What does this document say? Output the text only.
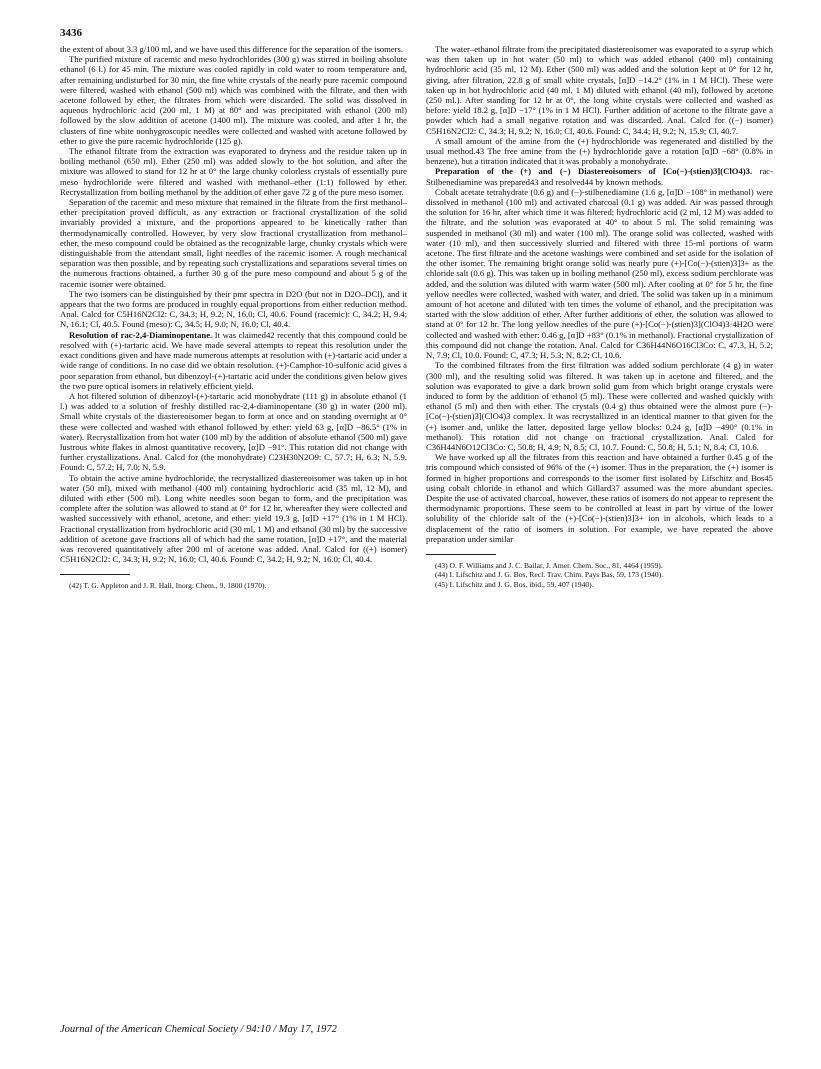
3436

the extent of about 3.3 g/100 ml, and we have used this difference for the separation of the isomers.

The purified mixture of racemic and meso hydrochlorides (300 g) was stirred in boiling absolute ethanol (6 l.) for 45 min. The mixture was cooled rapidly in cold water to room temperature and, after remaining undisturbed for 30 min, the fine white crystals of the nearly pure racemic compound were filtered, washed with ethanol (500 ml) which was combined with the filtrate, and then with acetone followed by ether, the filtrates from which were discarded. The solid was dissolved in aqueous hydrochloric acid (200 ml, 1 M) at 80° and was precipitated with ethanol (200 ml) followed by the slow addition of acetone (1400 ml). The mixture was cooled, and after 1 hr, the clusters of fine white nonhygroscopic needles were collected and washed with acetone followed by ether to give the pure racemic hydrochloride (125 g).

The ethanol filtrate from the extraction was evaporated to dryness and the residue taken up in boiling methanol (650 ml). Ether (250 ml) was added slowly to the hot solution, and after the mixture was allowed to stand for 12 hr at 0° the large chunky colorless crystals of essentially pure meso hydrochloride were filtered and washed with methanol–ether (1:1) followed by ether. Recrystallization from boiling methanol by the addition of ether gave 72 g of the pure meso isomer.

Separation of the racemic and meso mixture that remained in the filtrate from the first methanol–ether precipitation proved difficult, as any extraction or fractional crystallization of the solid invariably provided a mixture, and the proportions appeared to be kinetically rather than thermodynamically controlled. However, by very slow fractional crystallization from methanol–ether, the meso compound could be obtained as the recognizable large, chunky crystals which were distinguishable from the attendant small, light needles of the racemic isomer. A rough mechanical separation was then possible, and by repeating such crystallizations and separations several times on the numerous fractions obtained, a further 30 g of the pure meso compound and about 5 g of the racemic isomer were obtained.

The two isomers can be distinguished by their pmr spectra in D2O (but not in D2O–DCl), and it appears that the two forms are produced in roughly equal proportions from either reduction method. Anal. Calcd for C5H16N2Cl2: C, 34.3; H, 9.2; N, 16.0; Cl, 40.6. Found (racemic): C, 34.2; H, 9.4; N, 16.1; Cl, 40.5. Found (meso): C, 34.5; H, 9.0; N, 16.0; Cl, 40.4.

Resolution of rac-2,4-Diaminopentane. It was claimed42 recently that this compound could be resolved with (+)-tartaric acid. We have made several attempts to repeat this resolution under the exact conditions given and have made numerous attempts at resolution with (+)-tartaric acid under a wide range of conditions. In no case did we obtain resolution. (+)-Camphor-10-sulfonic acid gives a poor separation from ethanol, but dibenzoyl-(+)-tartaric acid under the conditions given below gives the two pure optical isomers in relatively efficient yield.

A hot filtered solution of dibenzoyl-(+)-tartaric acid monohydrate (111 g) in absolute ethanol (1 l.) was added to a solution of freshly distilled rac-2,4-diaminopentane (30 g) in water (200 ml). Small white crystals of the diastereoisomer began to form at once and on standing overnight at 0° these were collected and washed with ethanol followed by ether: yield 63 g, [α]D −86.5° (1% in water). Recrystallization from hot water (100 ml) by the addition of absolute ethanol (500 ml) gave lustrous white flakes in almost quantitative recovery, [α]D −91°. This rotation did not change with further crystallizations. Anal. Calcd for (the monohydrate) C23H30N2O9: C, 57.7; H, 6.3; N, 5.9. Found: C, 57.2; H, 7.0; N, 5.9.

To obtain the active amine hydrochloride, the recrystallized diastereoisomer was taken up in hot water (50 ml), mixed with methanol (400 ml) containing hydrochloric acid (35 ml, 12 M), and diluted with ether (500 ml). Long white needles soon began to form, and the precipitation was complete after the solution was allowed to stand at 0° for 12 hr, whereafter they were collected and washed successively with ethanol, acetone, and ether: yield 19.3 g, [α]D +17° (1% in 1 M HCl). Fractional crystallization from hydrochloric acid (30 ml, 1 M) and ethanol (30 ml) by the successive addition of acetone gave fractions all of which had the same rotation, [α]D +17°, and the material was recovered quantitatively after 200 ml of acetone was added. Anal. Calcd for ((+) isomer) C5H16N2Cl2: C, 34.3; H, 9.2; N, 16.0; Cl, 40.6. Found: C, 34.2; H, 9.2; N, 16.0; Cl, 40.4.

(42) T. G. Appleton and J. R. Hall, Inorg. Chem., 9, 1800 (1970).

The water–ethanol filtrate from the precipitated diastereoisomer was evaporated to a syrup which was then taken up in hot water (50 ml) to which was added ethanol (400 ml) containing hydrochloric acid (35 ml, 12 M). Ether (500 ml) was added and the solution kept at 0° for 12 hr, giving, after filtration, 22.8 g of small white crystals, [α]D −14.2° (1% in 1 M HCl). These were taken up in hot hydrochloric acid (40 ml, 1 M) diluted with ethanol (40 ml), followed by acetone (250 ml.). After standing for 12 hr at 0°, the long white crystals were collected and washed as before: yield 18.2 g, [α]D −17° (1% in 1 M HCl). Further addition of acetone to the filtrate gave a powder which had a small negative rotation and was discarded. Anal. Calcd for ((−) isomer) C5H16N2Cl2: C, 34.3; H, 9.2; N, 16.0; Cl, 40.6. Found: C, 34.4; H, 9.2; N, 15.9; Cl, 40.7.

A small amount of the amine from the (+) hydrochloride was regenerated and distilled by the usual method.43 The free amine from the (+) hydrochloride gave a rotation [α]D −68° (0.8% in benzene), but a titration indicated that it was probably a monohydrate.

Preparation of the (+) and (−) Diastereoisomers of [Co(−)-(stien)3](ClO4)3. rac-Stilbenediamine was prepared43 and resolved44 by known methods.

Cobalt acetate tetrahydrate (0.6 g) and (−)-stilbenediamine (1.6 g, [α]D −108° in methanol) were dissolved in methanol (100 ml) and activated charcoal (0.1 g) was added. Air was passed through the solution for 16 hr, after which time it was filtered; hydrochloric acid (2 ml, 12 M) was added to the filtrate, and the solution was evaporated at 40° to about 5 ml. The solid remaining was suspended in methanol (30 ml) and water (100 ml). The orange solid was collected, washed with water (10 ml), and then successively slurried and filtered with three 15-ml portions of warm acetone. The first filtrate and the acetone washings were combined and set aside for the isolation of the other isomer. The remaining bright orange solid was nearly pure (+)-[Co(−)-(stien)3]3+ as the chloride salt (0.6 g). This was taken up in boiling methanol (250 ml), excess sodium perchlorate was added, and the solution was diluted with warm water (500 ml). After cooling at 0° for 5 hr, the fine yellow needles were collected, washed with water, and dried. The solid was taken up in a minimum amount of hot acetone and diluted with ten times the volume of ethanol, and the precipitation was started with the slow addition of ether. After further additions of ether, the solution was allowed to stand at 0° for 12 hr. The long yellow needles of the pure (+)-[Co(−)-(stien)3](ClO4)3·4H2O were collected and washed with ether: 0.46 g, [α]D +83° (0.1% in methanol). Fractional crystallization of this compound did not change the rotation. Anal. Calcd for C36H44N6O16Cl3Co: C, 47.3, H, 5.2; N, 7.9; Cl, 10.0. Found: C, 47.3; H, 5.3; N, 8.2; Cl, 10.6.

To the combined filtrates from the first filtration was added sodium perchlorate (4 g) in water (300 ml), and the resulting solid was filtered. It was taken up in acetone and filtered, and the solution was evaporated to give a dark brown solid gum from which bright orange crystals were induced to form by the addition of ethanol (5 ml). These were collected and washed quickly with ethanol (5 ml) and then with ether. The crystals (0.4 g) thus obtained were the almost pure (−)-[Co(−)-(stien)3](ClO4)3 complex. It was recrystallized in an identical manner to that given for the (+) isomer and, unlike the latter, deposited large yellow blocks: 0.24 g, [α]D −490° (0.1% in methanol). This rotation did not change on fractional crystallization. Anal. Calcd for C36H44N6O12Cl3Co: C, 50.8; H, 4.9; N, 8.5; Cl, 10.7. Found: C, 50.8; H, 5.1; N, 8.4; Cl, 10.6.

We have worked up all the filtrates from this reaction and have obtained a further 0.45 g of the tris compound which consisted of 96% of the (+) isomer. Thus in the preparation, the (+) isomer is formed in higher proportions and corresponds to the isomer first isolated by Lifschitz and Bos45 using cobalt chloride in ethanol and which Gillard37 assumed was the more abundant species. Despite the use of activated charcoal, however, these ratios of isomers do not appear to represent the thermodynamic proportions. These seem to be controlled at least in part by virtue of the lower solubility of the chloride salt of the (+)-[Co(−)-(stien)3]3+ ion in alcohols, which leads to a displacement of the ratio of isomers in solution. For example, we have repeated the above preparation under similar

(43) O. F. Williams and J. C. Bailar, J. Amer. Chem. Soc., 81, 4464 (1959).

(44) I. Lifschitz and J. G. Bos, Recl. Trav. Chim. Pays Bas, 59, 173 (1940).

(45) I. Lifschitz and J. G. Bos, ibid., 59, 407 (1940).

Journal of the American Chemical Society / 94:10 / May 17, 1972
